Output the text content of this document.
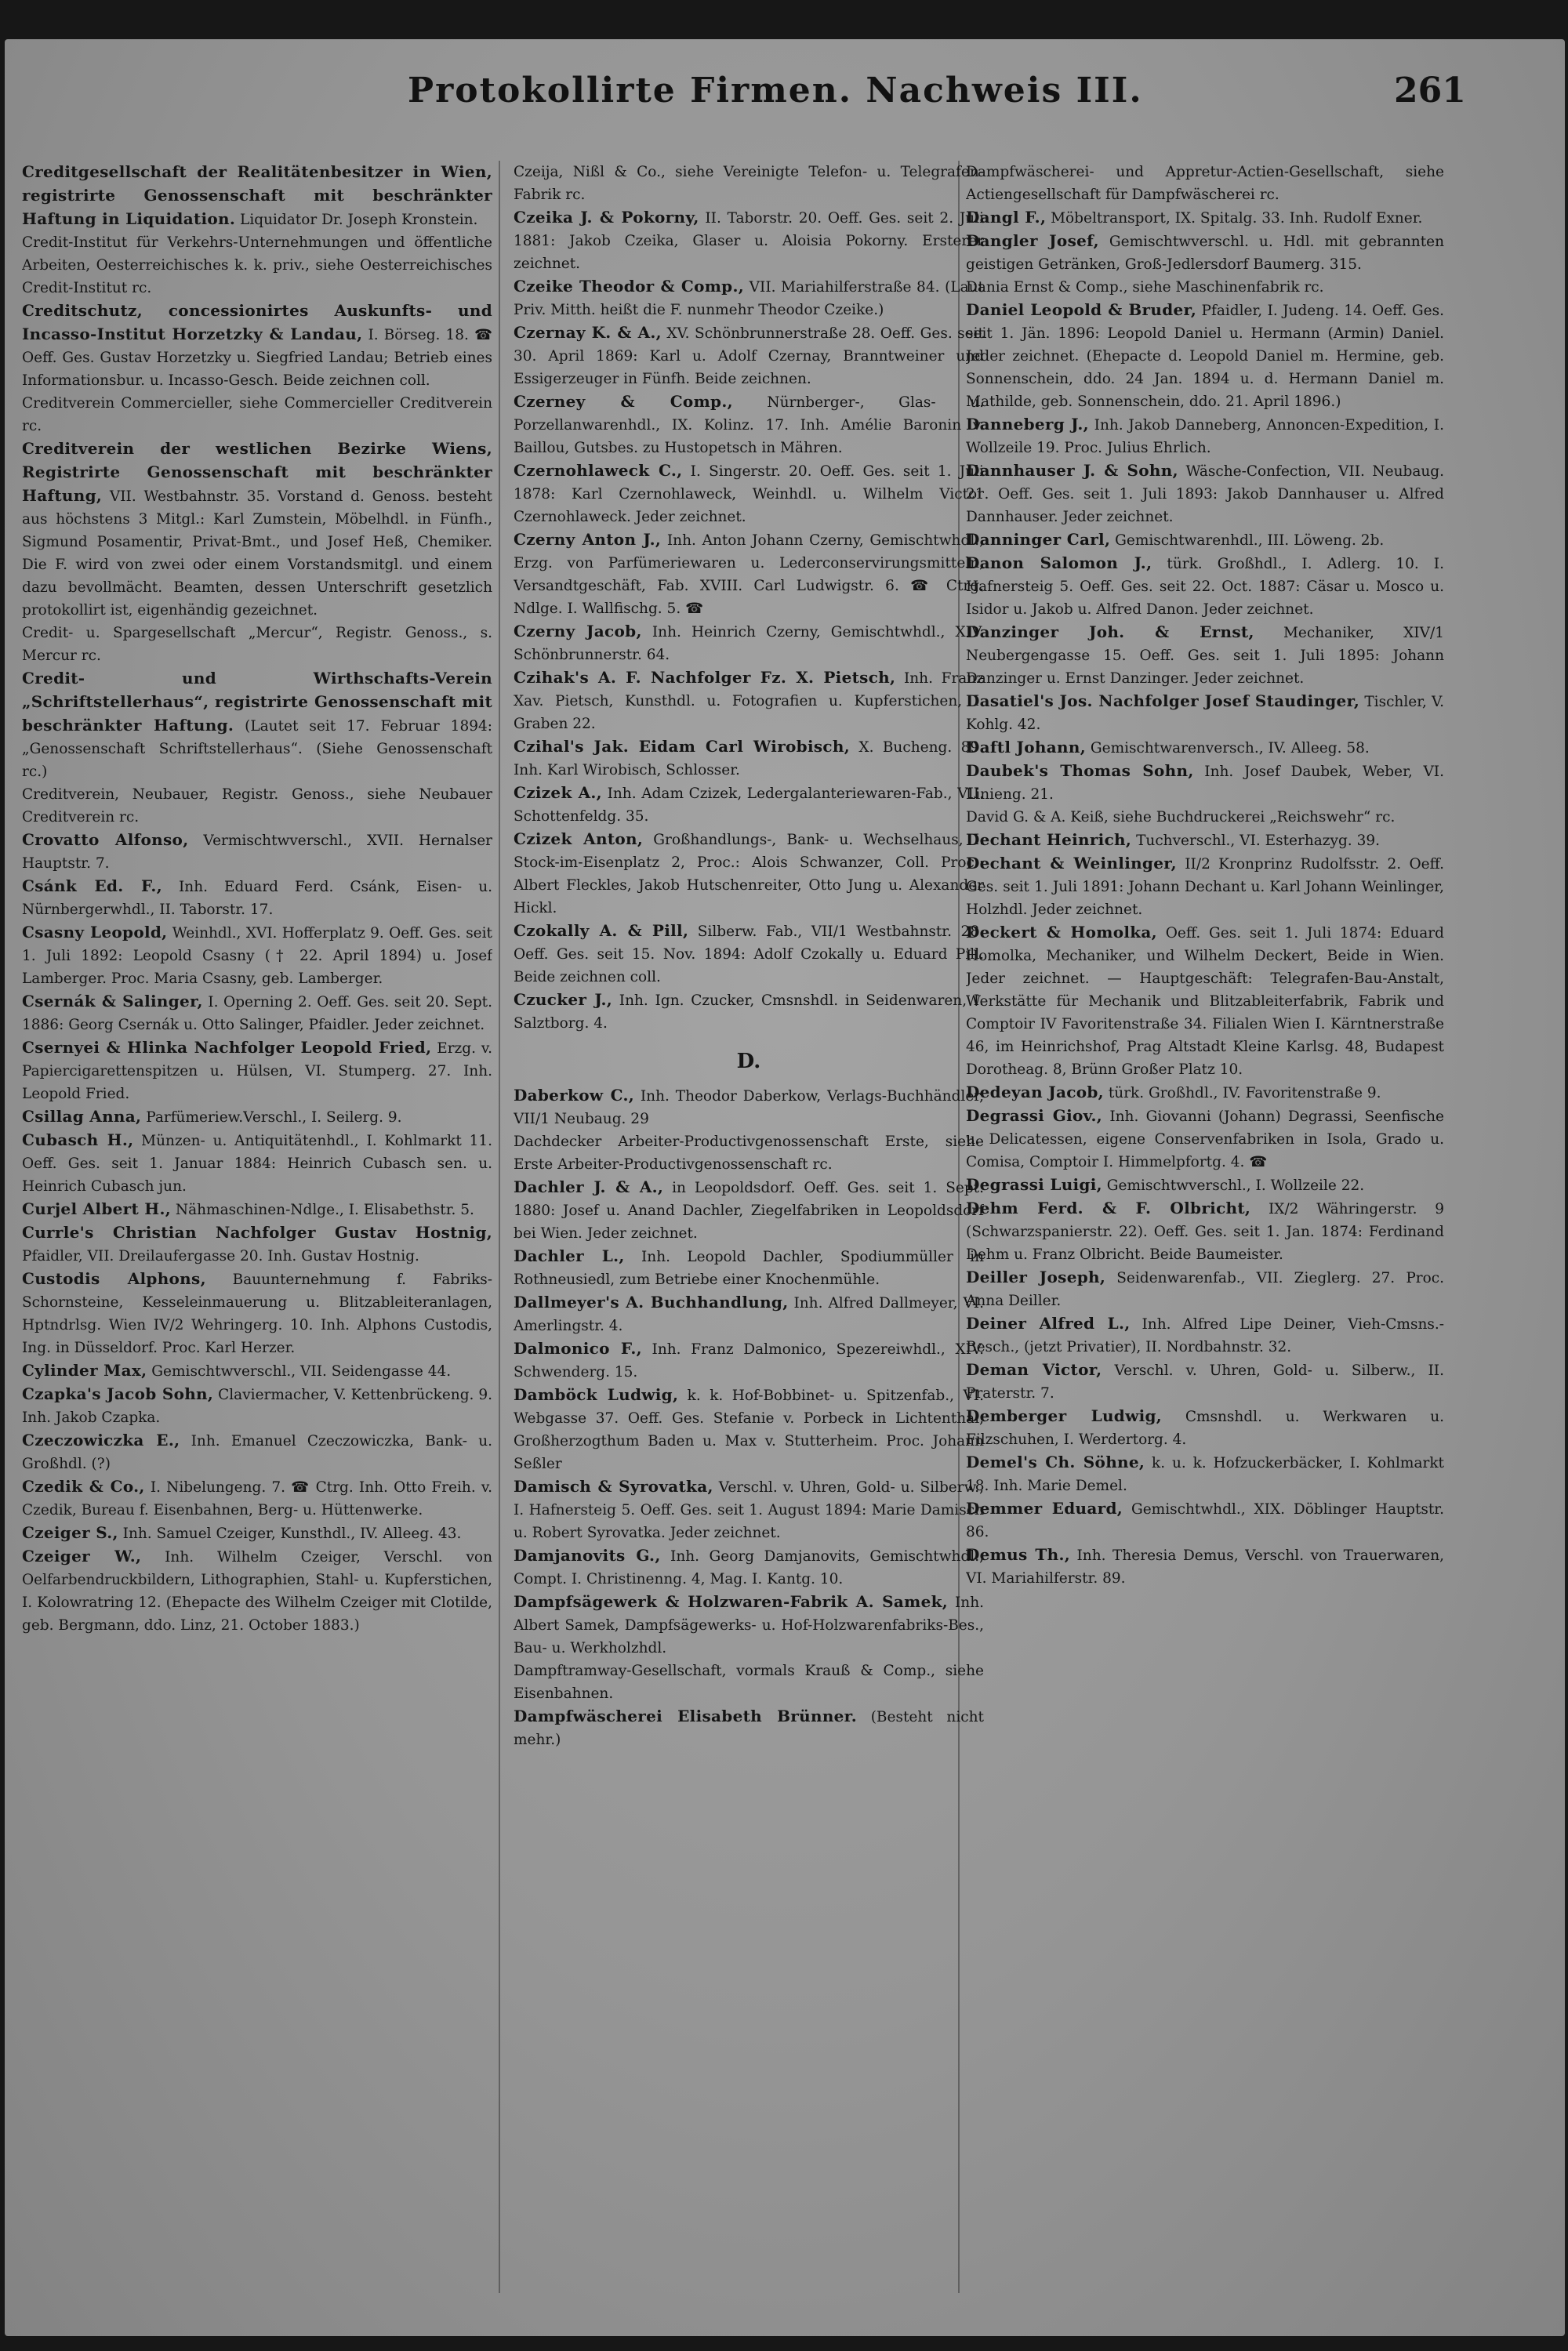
Protokollirte Firmen. Nachweis III.	261

Creditgesellschaft der Realitätenbesitzer in Wien, registrirte Genossenschaft mit beschränkter Haftung in Liquidation. Liquidator Dr. Joseph Kronstein.

Credit-Institut für Verkehrs-Unternehmungen und öffentliche Arbeiten, Oesterreichisches k. k. priv., siehe Oesterreichisches Credit-Institut rc.

Creditschutz, concessionirtes Auskunfts- und Incasso-Institut Horzetzky & Landau, I. Börseg. 18. ☎ Oeff. Ges. Gustav Horzetzky u. Siegfried Landau; Betrieb eines Informationsbur. u. Incasso-Gesch. Beide zeichnen coll.

Creditverein Commercieller, siehe Commercieller Creditverein rc.

Creditverein der westlichen Bezirke Wiens, Registrirte Genossenschaft mit beschränkter Haftung, VII. Westbahnstr. 35. Vorstand d. Genoss. besteht aus höchstens 3 Mitgl.: Karl Zumstein, Möbelhdl. in Fünfh., Sigmund Posamentir, Privat-Bmt., und Josef Heß, Chemiker. Die F. wird von zwei oder einem Vorstandsmitgl. und einem dazu bevollmächt. Beamten, dessen Unterschrift gesetzlich protokollirt ist, eigenhändig gezeichnet.

Credit- u. Spargesellschaft „Mercur“, Registr. Genoss., s. Mercur rc.

Credit- und Wirthschafts-Verein „Schriftstellerhaus“, registrirte Genossenschaft mit beschränkter Haftung. (Lautet seit 17. Februar 1894: „Genossenschaft Schriftstellerhaus“. (Siehe Genossenschaft rc.)

Creditverein, Neubauer, Registr. Genoss., siehe Neubauer Creditverein rc.

Crovatto Alfonso, Vermischtwverschl., XVII. Hernalser Hauptstr. 7.

Csánk Ed. F., Inh. Eduard Ferd. Csánk, Eisen- u. Nürnbergerwhdl., II. Taborstr. 17.

Csasny Leopold, Weinhdl., XVI. Hofferplatz 9. Oeff. Ges. seit 1. Juli 1892: Leopold Csasny († 22. April 1894) u. Josef Lamberger. Proc. Maria Csasny, geb. Lamberger.

Csernák & Salinger, I. Operning 2. Oeff. Ges. seit 20. Sept. 1886: Georg Csernák u. Otto Salinger, Pfaidler. Jeder zeichnet.

Csernyei & Hlinka Nachfolger Leopold Fried, Erzg. v. Papiercigarettenspitzen u. Hülsen, VI. Stumperg. 27. Inh. Leopold Fried.

Csillag Anna, Parfümeriew.Verschl., I. Seilerg. 9.

Cubasch H., Münzen- u. Antiquitätenhdl., I. Kohlmarkt 11. Oeff. Ges. seit 1. Januar 1884: Heinrich Cubasch sen. u. Heinrich Cubasch jun.

Curjel Albert H., Nähmaschinen-Ndlge., I. Elisabethstr. 5.

Currle's Christian Nachfolger Gustav Hostnig, Pfaidler, VII. Dreilaufergasse 20. Inh. Gustav Hostnig.

Custodis Alphons, Bauunternehmung f. Fabriks-Schornsteine, Kesseleinmauerung u. Blitzableiteranlagen, Hptndrlsg. Wien IV/2 Wehringerg. 10. Inh. Alphons Custodis, Ing. in Düsseldorf. Proc. Karl Herzer.

Cylinder Max, Gemischtwverschl., VII. Seidengasse 44.

Czapka's Jacob Sohn, Claviermacher, V. Kettenbrückeng. 9. Inh. Jakob Czapka.

Czeczowiczka E., Inh. Emanuel Czeczowiczka, Bank- u. Großhdl. (?)

Czedik & Co., I. Nibelungeng. 7. ☎ Ctrg. Inh. Otto Freih. v. Czedik, Bureau f. Eisenbahnen, Berg- u. Hüttenwerke.

Czeiger S., Inh. Samuel Czeiger, Kunsthdl., IV. Alleeg. 43.

Czeiger W., Inh. Wilhelm Czeiger, Verschl. von Oelfarbendruckbildern, Lithographien, Stahl- u. Kupferstichen, I. Kolowratring 12. (Ehepacte des Wilhelm Czeiger mit Clotilde, geb. Bergmann, ddo. Linz, 21. October 1883.)

Czeija, Nißl & Co., siehe Vereinigte Telefon- u. Telegrafen-Fabrik rc.

Czeika J. & Pokorny, II. Taborstr. 20. Oeff. Ges. seit 2. Juli 1881: Jakob Czeika, Glaser u. Aloisia Pokorny. Ersterer zeichnet.

Czeike Theodor & Comp., VII. Mariahilferstraße 84. (Laut Priv. Mitth. heißt die F. nunmehr Theodor Czeike.)

Czernay K. & A., XV. Schönbrunnerstraße 28. Oeff. Ges. seit 30. April 1869: Karl u. Adolf Czernay, Branntweiner und Essigerzeuger in Fünfh. Beide zeichnen.

Czerney & Comp., Nürnberger-, Glas- u. Porzellanwarenhdl., IX. Kolinz. 17. Inh. Amélie Baronin v. Baillou, Gutsbes. zu Hustopetsch in Mähren.

Czernohlaweck C., I. Singerstr. 20. Oeff. Ges. seit 1. Juli 1878: Karl Czernohlaweck, Weinhdl. u. Wilhelm Victor Czernohlaweck. Jeder zeichnet.

Czerny Anton J., Inh. Anton Johann Czerny, Gemischtwhdl., Erzg. von Parfümeriewaren u. Lederconservirungsmitteln, Versandtgeschäft, Fab. XVIII. Carl Ludwigstr. 6. ☎ Ctrg. Ndlge. I. Wallfischg. 5. ☎

Czerny Jacob, Inh. Heinrich Czerny, Gemischtwhdl., XIV. Schönbrunnerstr. 64.

Czihak's A. F. Nachfolger Fz. X. Pietsch, Inh. Franz Xav. Pietsch, Kunsthdl. u. Fotografien u. Kupferstichen, I. Graben 22.

Czihal's Jak. Eidam Carl Wirobisch, X. Bucheng. 89. Inh. Karl Wirobisch, Schlosser.

Czizek A., Inh. Adam Czizek, Ledergalanteriewaren-Fab., VII. Schottenfeldg. 35.

Czizek Anton, Großhandlungs-, Bank- u. Wechselhaus, I. Stock-im-Eisenplatz 2, Proc.: Alois Schwanzer, Coll. Proc.: Albert Fleckles, Jakob Hutschenreiter, Otto Jung u. Alexander Hickl.

Czokally A. & Pill, Silberw. Fab., VII/1 Westbahnstr. 28. Oeff. Ges. seit 15. Nov. 1894: Adolf Czokally u. Eduard Pill. Beide zeichnen coll.

Czucker J., Inh. Ign. Czucker, Cmsnshdl. in Seidenwaren, I. Salztborg. 4.

D.

Daberkow C., Inh. Theodor Daberkow, Verlags-Buchhändler, VII/1 Neubaug. 29

Dachdecker Arbeiter-Productivgenossenschaft Erste, siehe Erste Arbeiter-Productivgenossenschaft rc.

Dachler J. & A., in Leopoldsdorf. Oeff. Ges. seit 1. Sept. 1880: Josef u. Anand Dachler, Ziegelfabriken in Leopoldsdorf bei Wien. Jeder zeichnet.

Dachler L., Inh. Leopold Dachler, Spodiummüller in Rothneusiedl, zum Betriebe einer Knochenmühle.

Dallmeyer's A. Buchhandlung, Inh. Alfred Dallmeyer, VI. Amerlingstr. 4.

Dalmonico F., Inh. Franz Dalmonico, Spezereiwhdl., XIV. Schwenderg. 15.

Damböck Ludwig, k. k. Hof-Bobbinet- u. Spitzenfab., VI. Webgasse 37. Oeff. Ges. Stefanie v. Porbeck in Lichtenthal, Großherzogthum Baden u. Max v. Stutterheim. Proc. Johann Seßler

Damisch & Syrovatka, Verschl. v. Uhren, Gold- u. Silberw., I. Hafnersteig 5. Oeff. Ges. seit 1. August 1894: Marie Damisch u. Robert Syrovatka. Jeder zeichnet.

Damjanovits G., Inh. Georg Damjanovits, Gemischtwhdl., Compt. I. Christinenng. 4, Mag. I. Kantg. 10.

Dampfsägewerk & Holzwaren-Fabrik A. Samek, Inh. Albert Samek, Dampfsägewerks- u. Hof-Holzwarenfabriks-Bes., Bau- u. Werkholzhdl.

Dampftramway-Gesellschaft, vormals Krauß & Comp., siehe Eisenbahnen.

Dampfwäscherei Elisabeth Brünner. (Besteht nicht mehr.)

Dampfwäscherei- und Appretur-Actien-Gesellschaft, siehe Actiengesellschaft für Dampfwäscherei rc.

Dangl F., Möbeltransport, IX. Spitalg. 33. Inh. Rudolf Exner.

Dangler Josef, Gemischtwverschl. u. Hdl. mit gebrannten geistigen Getränken, Groß-Jedlersdorf Baumerg. 315.

Dania Ernst & Comp., siehe Maschinenfabrik rc.

Daniel Leopold & Bruder, Pfaidler, I. Judeng. 14. Oeff. Ges. seit 1. Jän. 1896: Leopold Daniel u. Hermann (Armin) Daniel. Jeder zeichnet. (Ehepacte d. Leopold Daniel m. Hermine, geb. Sonnenschein, ddo. 24 Jan. 1894 u. d. Hermann Daniel m. Mathilde, geb. Sonnenschein, ddo. 21. April 1896.)

Danneberg J., Inh. Jakob Danneberg, Annoncen-Expedition, I. Wollzeile 19. Proc. Julius Ehrlich.

Dannhauser J. & Sohn, Wäsche-Confection, VII. Neubaug. 21. Oeff. Ges. seit 1. Juli 1893: Jakob Dannhauser u. Alfred Dannhauser. Jeder zeichnet.

Danninger Carl, Gemischtwarenhdl., III. Löweng. 2b.

Danon Salomon J., türk. Großhdl., I. Adlerg. 10. I. Hafnersteig 5. Oeff. Ges. seit 22. Oct. 1887: Cäsar u. Mosco u. Isidor u. Jakob u. Alfred Danon. Jeder zeichnet.

Danzinger Joh. & Ernst, Mechaniker, XIV/1 Neubergengasse 15. Oeff. Ges. seit 1. Juli 1895: Johann Danzinger u. Ernst Danzinger. Jeder zeichnet.

Dasatiel's Jos. Nachfolger Josef Staudinger, Tischler, V. Kohlg. 42.

Daftl Johann, Gemischtwarenversch., IV. Alleeg. 58.

Daubek's Thomas Sohn, Inh. Josef Daubek, Weber, VI. Linieng. 21.

David G. & A. Keiß, siehe Buchdruckerei „Reichswehr“ rc.

Dechant Heinrich, Tuchverschl., VI. Esterhazyg. 39.

Dechant & Weinlinger, II/2 Kronprinz Rudolfsstr. 2. Oeff. Ges. seit 1. Juli 1891: Johann Dechant u. Karl Johann Weinlinger, Holzhdl. Jeder zeichnet.

Deckert & Homolka, Oeff. Ges. seit 1. Juli 1874: Eduard Homolka, Mechaniker, und Wilhelm Deckert, Beide in Wien. Jeder zeichnet. — Hauptgeschäft: Telegrafen-Bau-Anstalt, Werkstätte für Mechanik und Blitzableiterfabrik, Fabrik und Comptoir IV Favoritenstraße 34. Filialen Wien I. Kärntnerstraße 46, im Heinrichshof, Prag Altstadt Kleine Karlsg. 48, Budapest Dorotheag. 8, Brünn Großer Platz 10.

Dedeyan Jacob, türk. Großhdl., IV. Favoritenstraße 9.

Degrassi Giov., Inh. Giovanni (Johann) Degrassi, Seenfische u. Delicatessen, eigene Conservenfabriken in Isola, Grado u. Comisa, Comptoir I. Himmelpfortg. 4. ☎

Degrassi Luigi, Gemischtwverschl., I. Wollzeile 22.

Dehm Ferd. & F. Olbricht, IX/2 Währingerstr. 9 (Schwarzspanierstr. 22). Oeff. Ges. seit 1. Jan. 1874: Ferdinand Dehm u. Franz Olbricht. Beide Baumeister.

Deiller Joseph, Seidenwarenfab., VII. Zieglerg. 27. Proc. Anna Deiller.

Deiner Alfred L., Inh. Alfred Lipe Deiner, Vieh-Cmsns.-Besch., (jetzt Privatier), II. Nordbahnstr. 32.

Deman Victor, Verschl. v. Uhren, Gold- u. Silberw., II. Praterstr. 7.

Demberger Ludwig, Cmsnshdl. u. Werkwaren u. Filzschuhen, I. Werdertorg. 4.

Demel's Ch. Söhne, k. u. k. Hofzuckerbäcker, I. Kohlmarkt 18. Inh. Marie Demel.

Demmer Eduard, Gemischtwhdl., XIX. Döblinger Hauptstr. 86.

Demus Th., Inh. Theresia Demus, Verschl. von Trauerwaren, VI. Mariahilferstr. 89.
